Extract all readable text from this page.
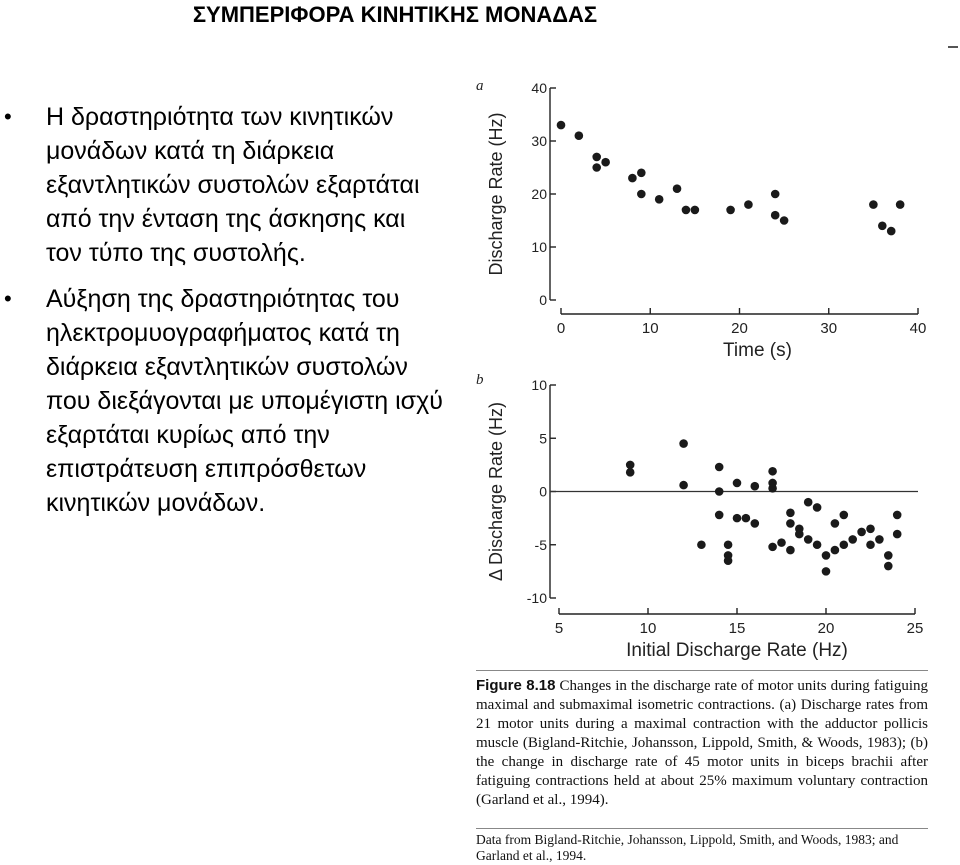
ΣΥΜΠΕΡΙΦΟΡΑ ΚΙΝΗΤΙΚΗΣ ΜΟΝΑΔΑΣ
• Η δραστηριότητα των κινητικών μονάδων κατά τη διάρκεια εξαντλητικών συστολών εξαρτάται από την ένταση της άσκησης και τον τύπο της συστολής.
• Αύξηση της δραστηριότητας του ηλεκτρομυογραφήματος κατά τη διάρκεια εξαντλητικών συστολών που διεξάγονται με υπομέγιστη ισχύ εξαρτάται κυρίως από την επιστράτευση επιπρόσθετων κινητικών μονάδων.
a
0
10
20
30
40
0	10	20	30	40
Time (s)
Discharge Rate (Hz)
b
-10
-5
0
5
10
5	10	15	20	25
Initial Discharge Rate (Hz)
Δ Discharge Rate (Hz)
Figure 8.18 Changes in the discharge rate of motor units during fatiguing maximal and submaximal isometric contractions. (a) Discharge rates from 21 motor units during a maximal contraction with the adductor pollicis muscle (Bigland-Ritchie, Johansson, Lippold, Smith, & Woods, 1983); (b) the change in discharge rate of 45 motor units in biceps brachii after fatiguing contractions held at about 25% maximum voluntary contraction (Garland et al., 1994).
Data from Bigland-Ritchie, Johansson, Lippold, Smith, and Woods, 1983; and Garland et al., 1994.
